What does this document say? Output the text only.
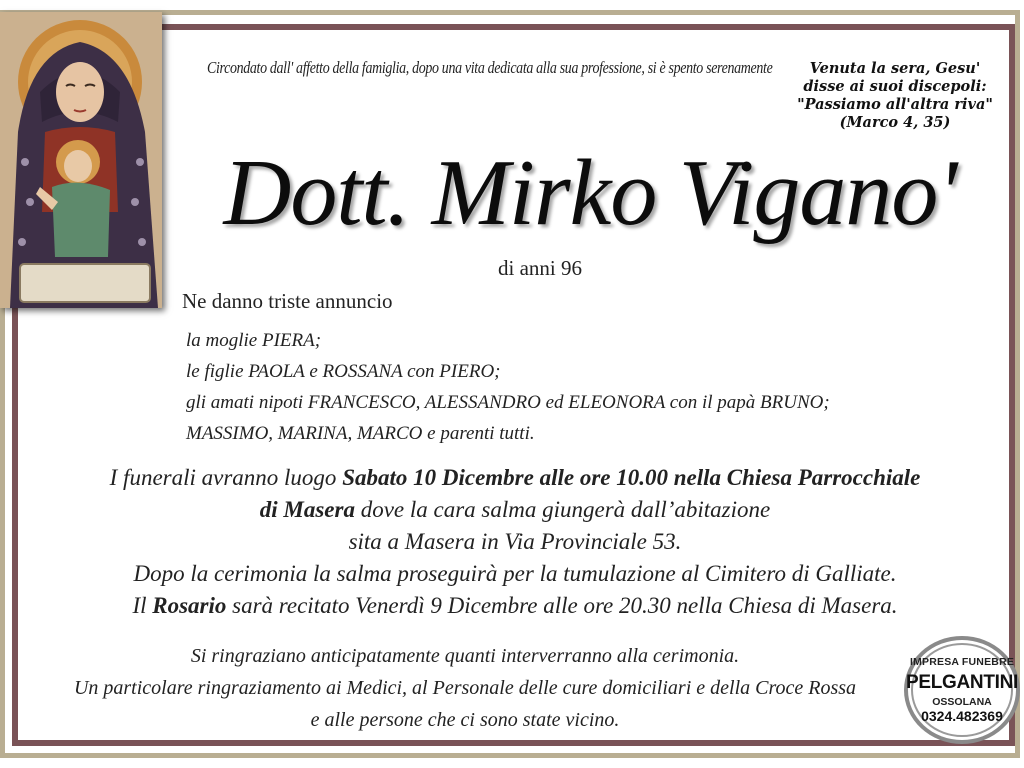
Circondato dall' affetto della famiglia, dopo una vita dedicata alla sua professione, si è spento serenamente	Venuta la sera, Gesu'
disse ai suoi discepoli:
"Passiamo all'altra riva"
(Marco 4, 35)
Dott. Mirko Vigano'
di anni 96
Ne danno triste annuncio
la moglie PIERA;
le figlie PAOLA e ROSSANA con PIERO;
gli amati nipoti FRANCESCO, ALESSANDRO ed ELEONORA con il papà BRUNO;
MASSIMO, MARINA, MARCO e parenti tutti.
I funerali avranno luogo Sabato 10 Dicembre alle ore 10.00 nella Chiesa Parrocchiale
di Masera dove la cara salma giungerà dall’abitazione
sita a Masera in Via Provinciale 53.
Dopo la cerimonia la salma proseguirà per la tumulazione al Cimitero di Galliate.
Il Rosario sarà recitato Venerdì 9 Dicembre alle ore 20.30 nella Chiesa di Masera.
Si ringraziano anticipatamente quanti interverranno alla cerimonia.
Un particolare ringraziamento ai Medici, al Personale delle cure domiciliari e della Croce Rossa
e alle persone che ci sono state vicino.
IMPRESA FUNEBRE
PELGANTINI
OSSOLANA
0324.482369
